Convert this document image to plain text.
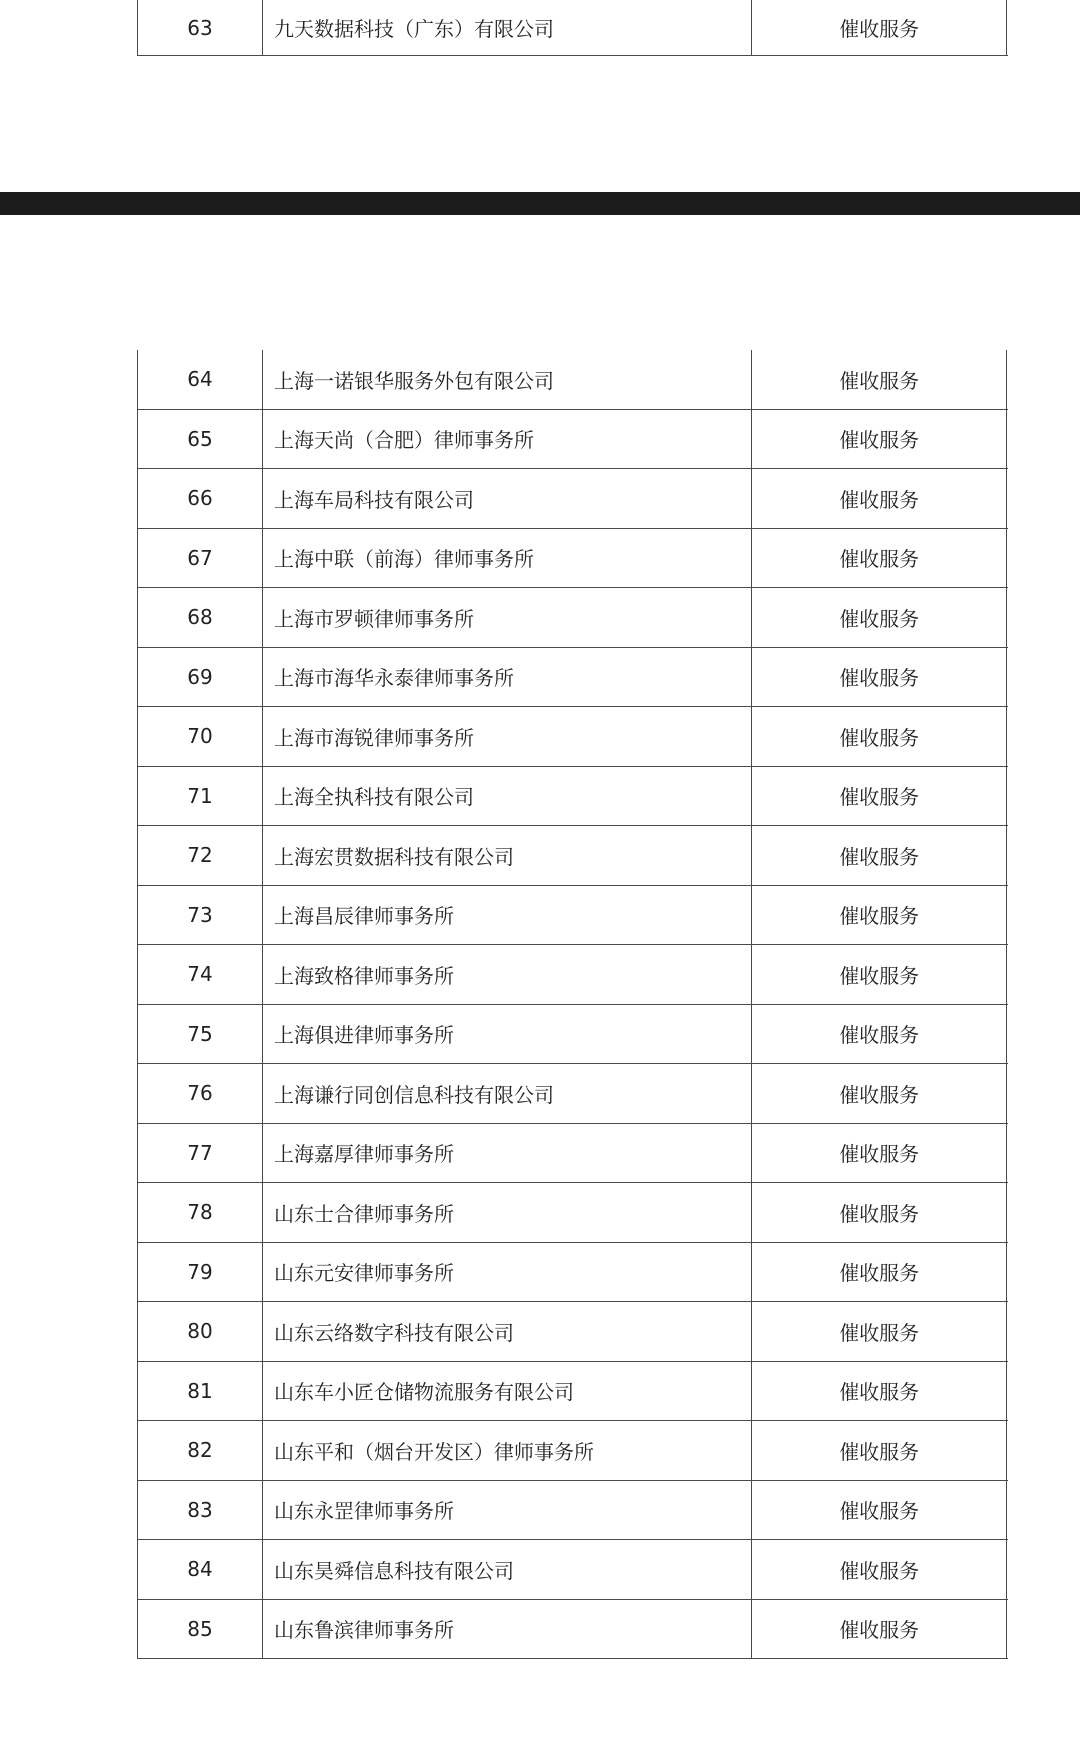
63	九天数据科技（广东）有限公司	催收服务
64	上海一诺银华服务外包有限公司	催收服务
65	上海天尚（合肥）律师事务所	催收服务
66	上海车局科技有限公司	催收服务
67	上海中联（前海）律师事务所	催收服务
68	上海市罗顿律师事务所	催收服务
69	上海市海华永泰律师事务所	催收服务
70	上海市海锐律师事务所	催收服务
71	上海全执科技有限公司	催收服务
72	上海宏贯数据科技有限公司	催收服务
73	上海昌辰律师事务所	催收服务
74	上海致格律师事务所	催收服务
75	上海俱进律师事务所	催收服务
76	上海谦行同创信息科技有限公司	催收服务
77	上海嘉厚律师事务所	催收服务
78	山东士合律师事务所	催收服务
79	山东元安律师事务所	催收服务
80	山东云络数字科技有限公司	催收服务
81	山东车小匠仓储物流服务有限公司	催收服务
82	山东平和（烟台开发区）律师事务所	催收服务
83	山东永罡律师事务所	催收服务
84	山东昊舜信息科技有限公司	催收服务
85	山东鲁滨律师事务所	催收服务
